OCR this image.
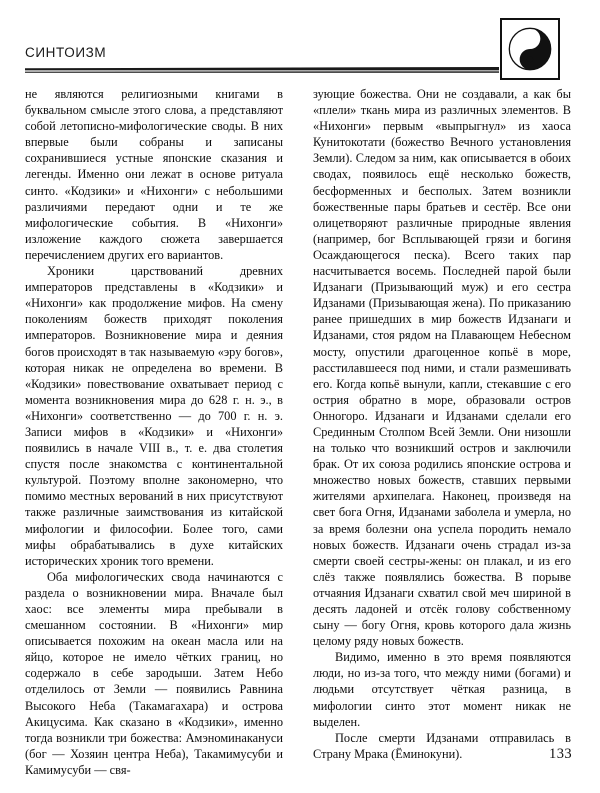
СИНТОИЗМ

не являются религиозными книгами в буквальном смысле этого слова, а представляют собой летописно-мифологические своды. В них впервые были собраны и записаны сохранившиеся устные японские сказания и легенды. Именно они лежат в основе ритуала синто. «Кодзики» и «Нихонги» с небольшими различиями передают одни и те же мифологические события. В «Нихонги» изложение каждого сюжета завершается перечислением других его вариантов.

Хроники царствований древних императоров представлены в «Кодзики» и «Нихонги» как продолжение мифов. На смену поколениям божеств приходят поколения императоров. Возникновение мира и деяния богов происходят в так называемую «эру богов», которая никак не определена во времени. В «Кодзики» повествование охватывает период с момента возникновения мира до 628 г. н. э., в «Нихонги» соответственно — до 700 г. н. э. Записи мифов в «Кодзики» и «Нихонги» появились в начале VIII в., т. е. два столетия спустя после знакомства с континентальной культурой. Поэтому вполне закономерно, что помимо местных верований в них присутствуют также различные заимствования из китайской мифологии и философии. Более того, сами мифы обрабатывались в духе китайских исторических хроник того времени.

Оба мифологических свода начинаются с раздела о возникновении мира. Вначале был хаос: все элементы мира пребывали в смешанном состоянии. В «Нихонги» мир описывается похожим на океан масла или на яйцо, которое не имело чётких границ, но содержало в себе зародыши. Затем Небо отделилось от Земли — появились Равнина Высокого Неба (Такамагахара) и острова Акицусима. Как сказано в «Кодзики», именно тогда возникли три божества: Амэноминакануси (бог — Хозяин центра Неба), Такамимусуби и Камимусуби — свя-

зующие божества. Они не создавали, а как бы «плели» ткань мира из различных элементов. В «Нихонги» первым «выпрыгнул» из хаоса Кунитокотати (божество Вечного установления Земли). Следом за ним, как описывается в обоих сводах, появилось ещё несколько божеств, бесформенных и бесполых. Затем возникли божественные пары братьев и сестёр. Все они олицетворяют различные природные явления (например, бог Всплывающей грязи и богиня Осаждающегося песка). Всего таких пар насчитывается восемь. Последней парой были Идзанаги (Призывающий муж) и его сестра Идзанами (Призывающая жена). По приказанию ранее пришедших в мир божеств Идзанаги и Идзанами, стоя рядом на Плавающем Небесном мосту, опустили драгоценное копьё в море, расстилавшееся под ними, и стали размешивать его. Когда копьё вынули, капли, стекавшие с его острия обратно в море, образовали остров Онногоро. Идзанаги и Идзанами сделали его Срединным Столпом Всей Земли. Они низошли на только что возникший остров и заключили брак. От их союза родились японские острова и множество новых божеств, ставших первыми жителями архипелага. Наконец, произведя на свет бога Огня, Идзанами заболела и умерла, но за время болезни она успела породить немало новых божеств. Идзанаги очень страдал из-за смерти своей сестры-жены: он плакал, и из его слёз также появлялись божества. В порыве отчаяния Идзанаги схватил свой меч шириной в десять ладоней и отсёк голову собственному сыну — богу Огня, кровь которого дала жизнь целому ряду новых божеств.

Видимо, именно в это время появляются люди, но из-за того, что между ними (богами) и людьми отсутствует чёткая разница, в мифологии синто этот момент никак не выделен.

После смерти Идзанами отправилась в Страну Мрака (Ёминокуни).	133
